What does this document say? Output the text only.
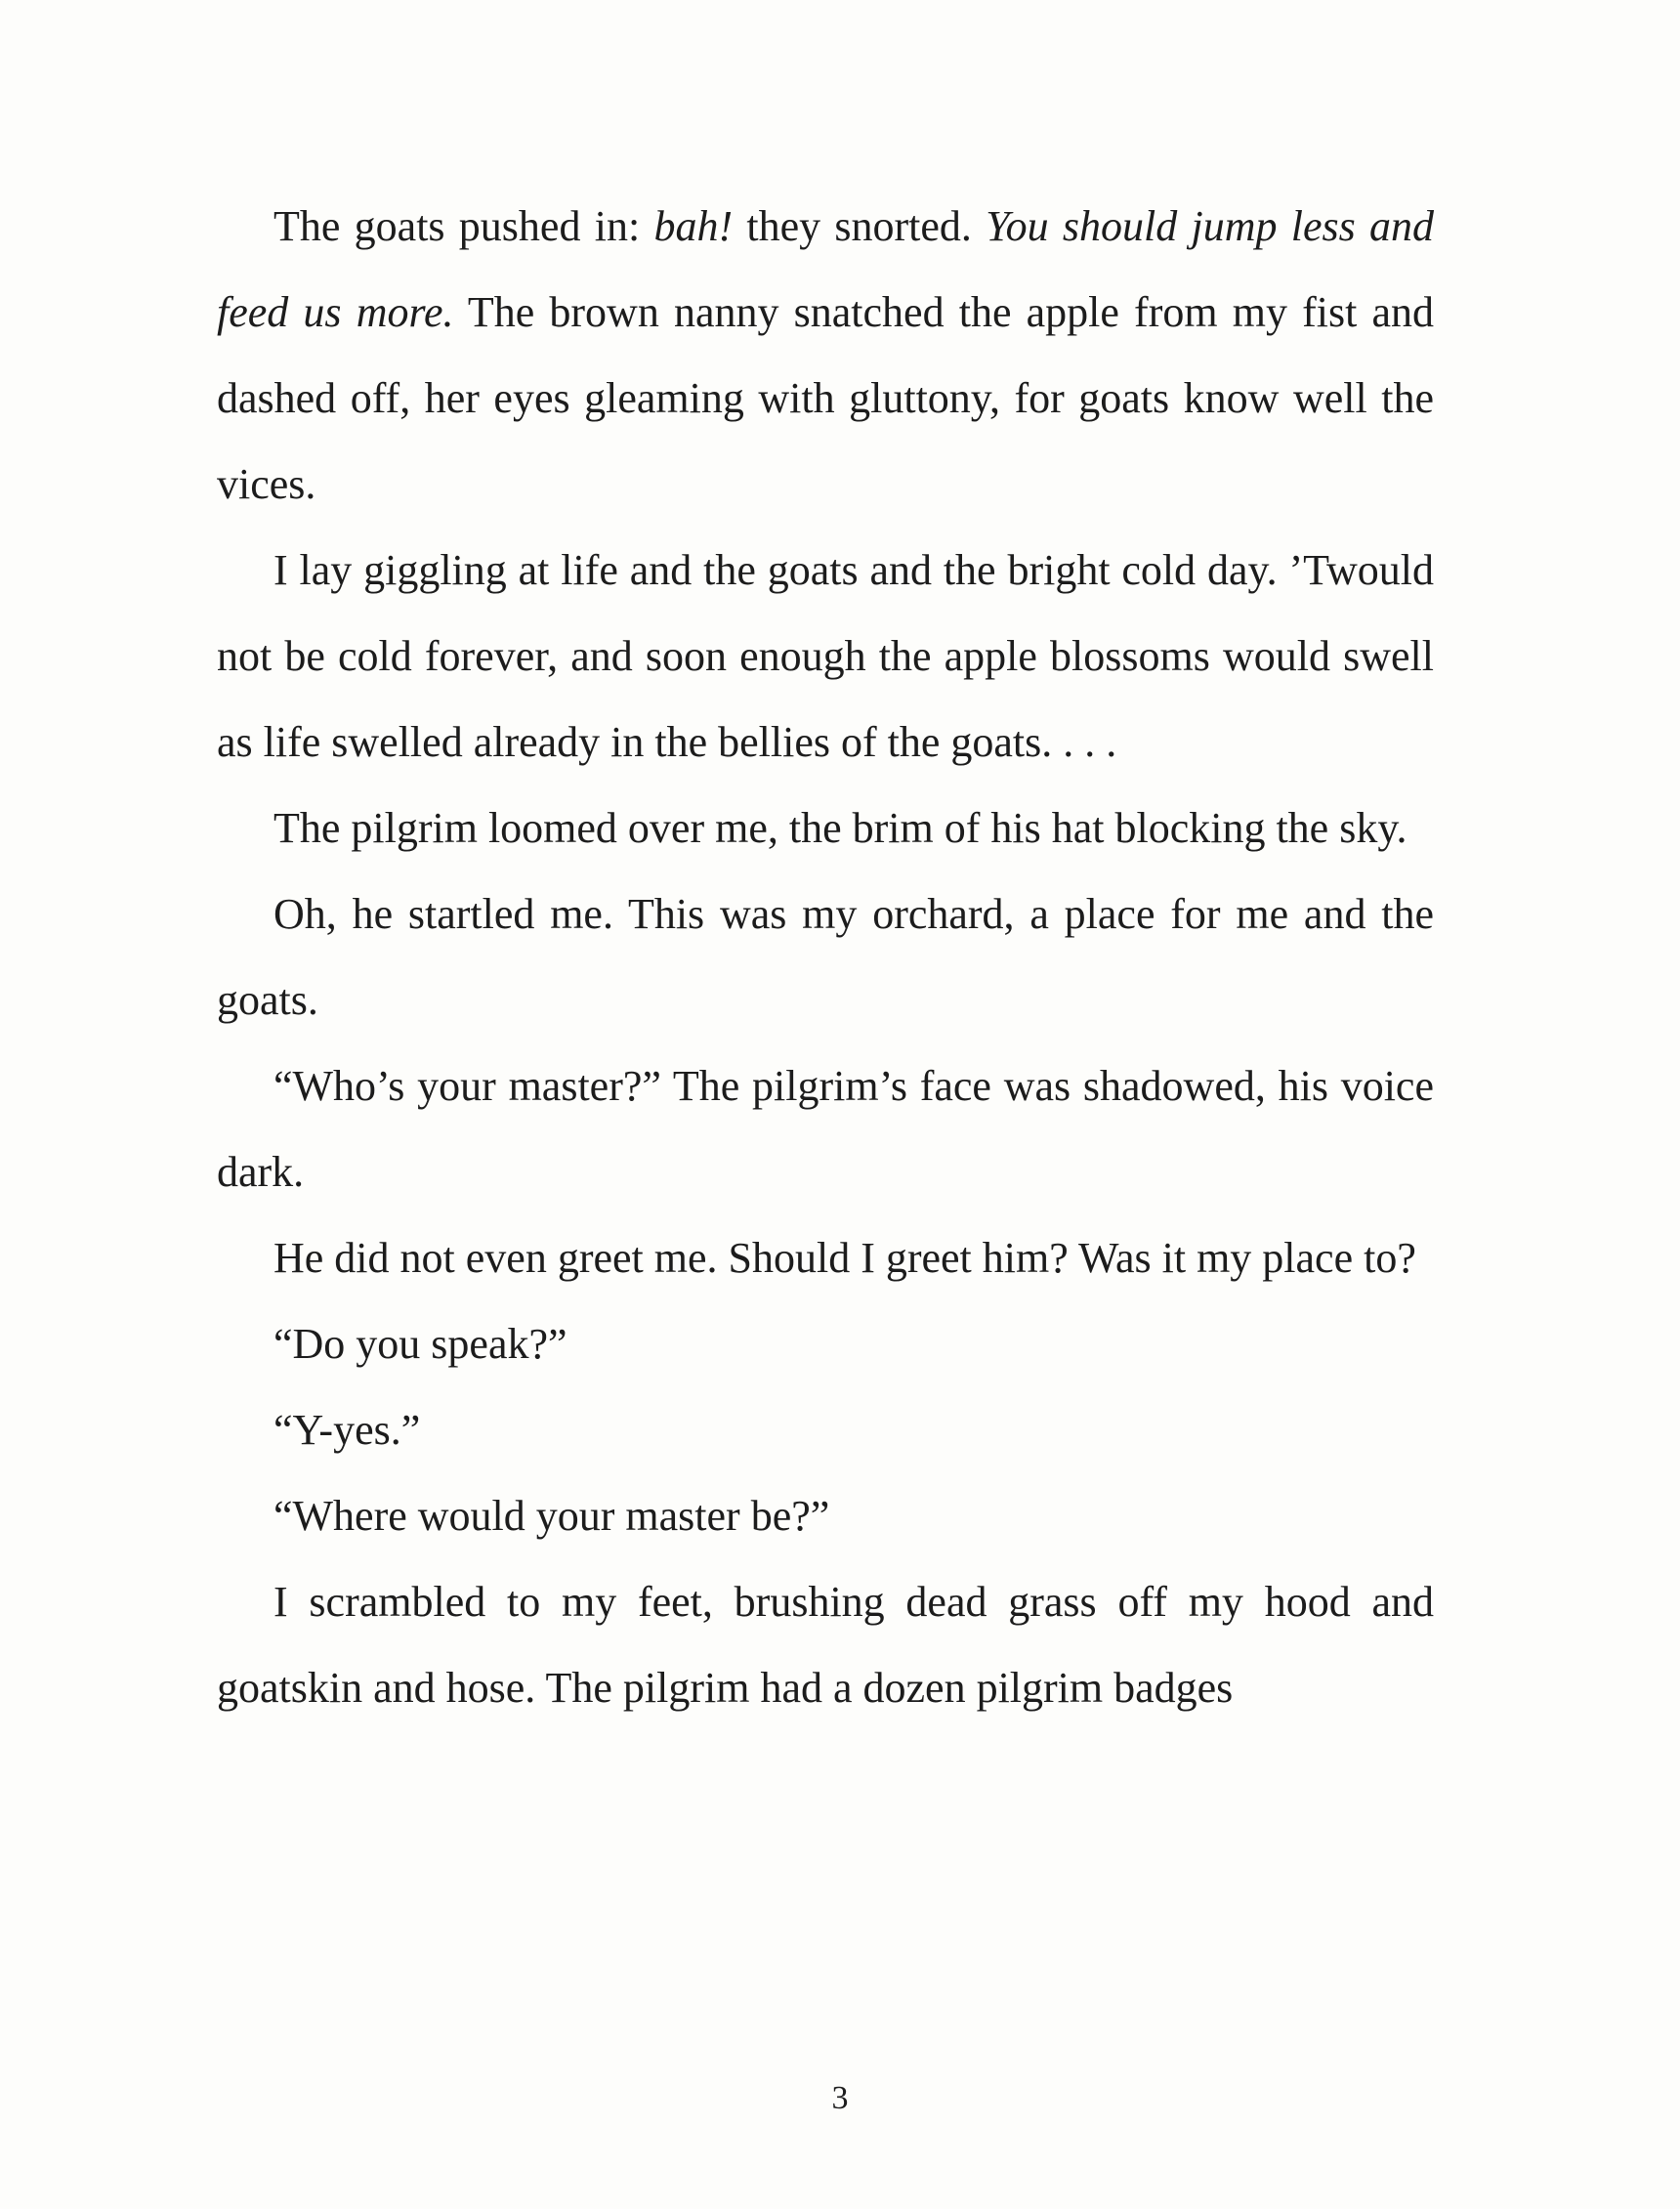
The goats pushed in: bah! they snorted. You should jump less and feed us more. The brown nanny snatched the apple from my fist and dashed off, her eyes gleaming with gluttony, for goats know well the vices.

I lay giggling at life and the goats and the bright cold day. ’Twould not be cold forever, and soon enough the apple blossoms would swell as life swelled already in the bellies of the goats. . . .

The pilgrim loomed over me, the brim of his hat blocking the sky.

Oh, he startled me. This was my orchard, a place for me and the goats.

“Who’s your master?” The pilgrim’s face was shadowed, his voice dark.

He did not even greet me. Should I greet him? Was it my place to?

“Do you speak?”

“Y-yes.”

“Where would your master be?”

I scrambled to my feet, brushing dead grass off my hood and goatskin and hose. The pilgrim had a dozen pilgrim badges

3
